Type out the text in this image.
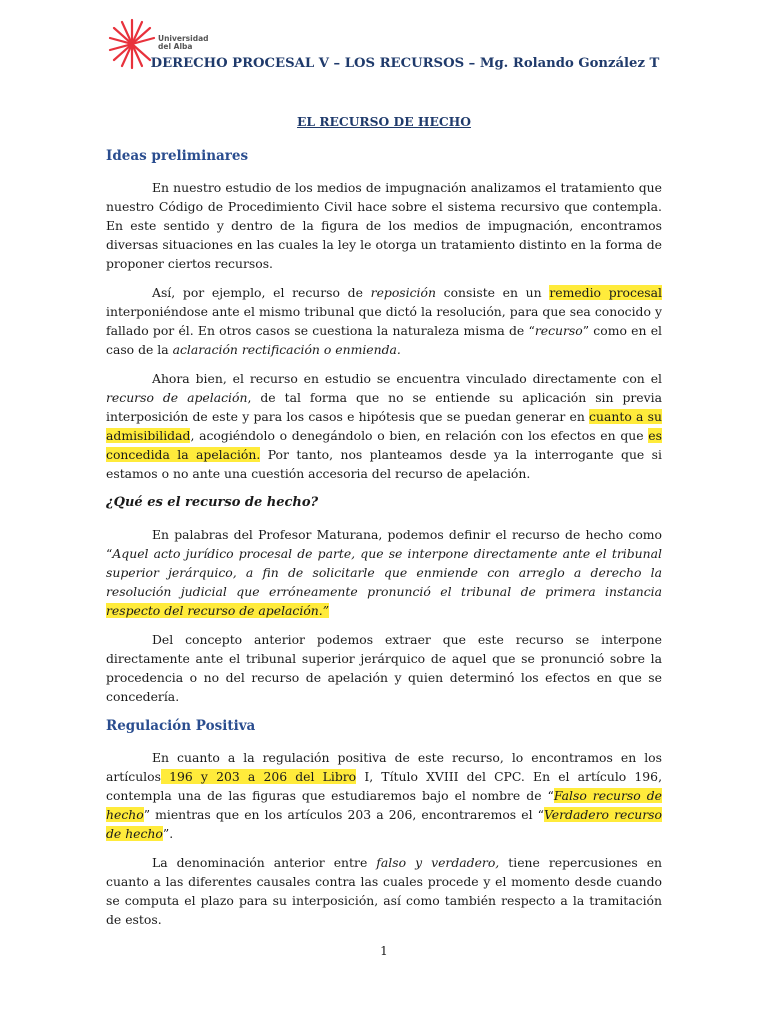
Universidad
del Alba
DERECHO PROCESAL V – LOS RECURSOS – Mg. Rolando González T
EL RECURSO DE HECHO
Ideas preliminares

En nuestro estudio de los medios de impugnación analizamos el tratamiento que nuestro Código de Procedimiento Civil hace sobre el sistema recursivo que contempla. En este sentido y dentro de la figura de los medios de impugnación, encontramos diversas situaciones en las cuales la ley le otorga un tratamiento distinto en la forma de proponer ciertos recursos.

Así, por ejemplo, el recurso de reposición consiste en un remedio procesal interponiéndose ante el mismo tribunal que dictó la resolución, para que sea conocido y fallado por él. En otros casos se cuestiona la naturaleza misma de “recurso” como en el caso de la aclaración rectificación o enmienda.

Ahora bien, el recurso en estudio se encuentra vinculado directamente con el recurso de apelación, de tal forma que no se entiende su aplicación sin previa interposición de este y para los casos e hipótesis que se puedan generar en cuanto a su admisibilidad, acogiéndolo o denegándolo o bien, en relación con los efectos en que es concedida la apelación. Por tanto, nos planteamos desde ya la interrogante que si estamos o no ante una cuestión accesoria del recurso de apelación.

¿Qué es el recurso de hecho?

En palabras del Profesor Maturana, podemos definir el recurso de hecho como “Aquel acto jurídico procesal de parte, que se interpone directamente ante el tribunal superior jerárquico, a fin de solicitarle que enmiende con arreglo a derecho la resolución judicial que erróneamente pronunció el tribunal de primera instancia respecto del recurso de apelación.”

Del concepto anterior podemos extraer que este recurso se interpone directamente ante el tribunal superior jerárquico de aquel que se pronunció sobre la procedencia o no del recurso de apelación y quien determinó los efectos en que se concedería.

Regulación Positiva

En cuanto a la regulación positiva de este recurso, lo encontramos en los artículos 196 y 203 a 206 del Libro I, Título XVIII del CPC. En el artículo 196, contempla una de las figuras que estudiaremos bajo el nombre de “Falso recurso de hecho” mientras que en los artículos 203 a 206, encontraremos el “Verdadero recurso de hecho”.

La denominación anterior entre falso y verdadero, tiene repercusiones en cuanto a las diferentes causales contra las cuales procede y el momento desde cuando se computa el plazo para su interposición, así como también respecto a la tramitación de estos.

1
